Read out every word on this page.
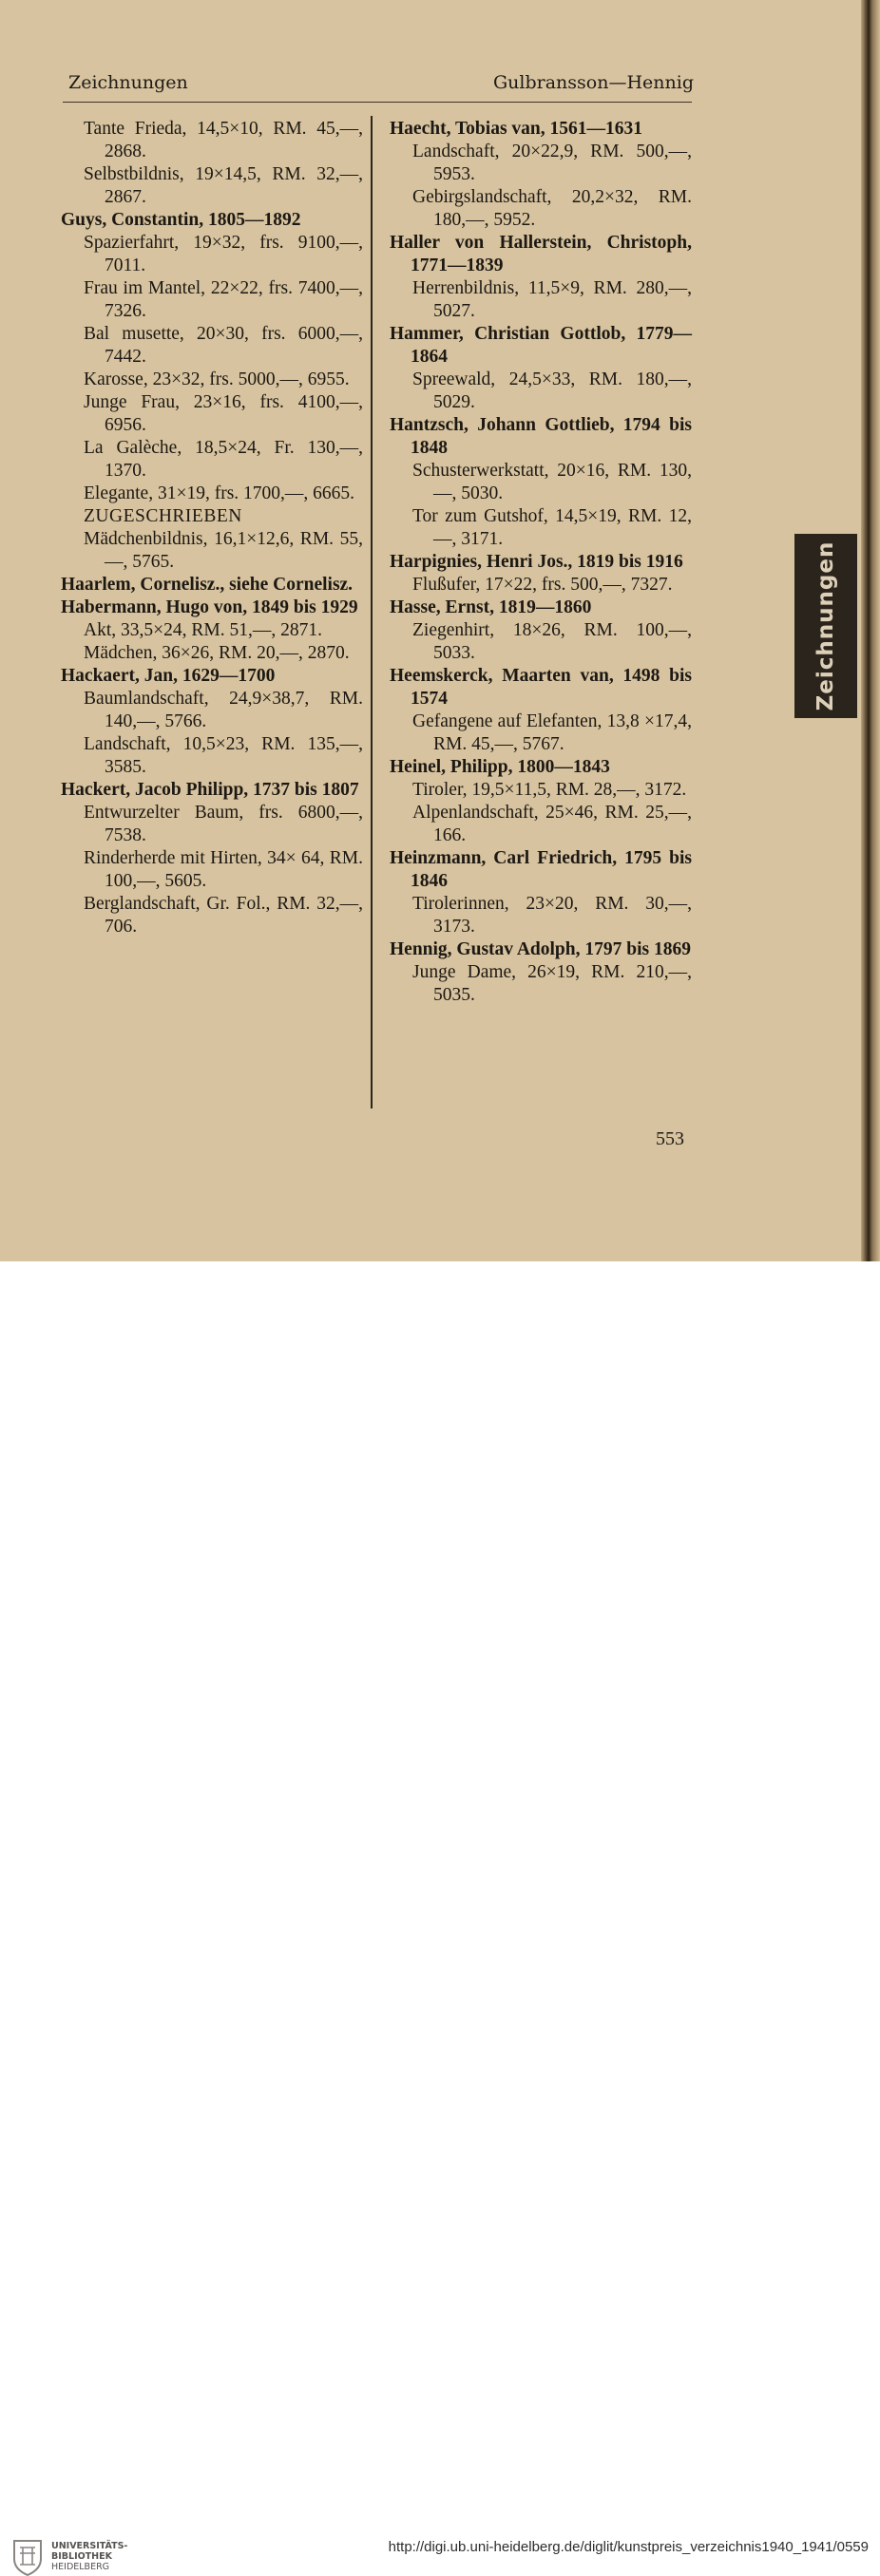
Zeichnungen	Gulbransson—Hennig

Tante Frieda, 14,5×10, RM. 45,—, 2868.

Selbstbildnis, 19×14,5, RM. 32,—, 2867.

Guys, Constantin, 1805—1892

Spazierfahrt, 19×32, frs. 9100,—, 7011.

Frau im Mantel, 22×22, frs. 7400,—, 7326.

Bal musette, 20×30, frs. 6000,—, 7442.

Karosse, 23×32, frs. 5000,—, 6955.

Junge Frau, 23×16, frs. 4100,—, 6956.

La Galèche, 18,5×24, Fr. 130,—, 1370.

Elegante, 31×19, frs. 1700,—, 6665.

ZUGESCHRIEBEN

Mädchenbildnis, 16,1×12,6, RM. 55,—, 5765.

Haarlem, Cornelisz., siehe Cornelisz.

Habermann, Hugo von, 1849 bis 1929

Akt, 33,5×24, RM. 51,—, 2871.

Mädchen, 36×26, RM. 20,—, 2870.

Hackaert, Jan, 1629—1700

Baumlandschaft, 24,9×38,7, RM. 140,—, 5766.

Landschaft, 10,5×23, RM. 135,—, 3585.

Hackert, Jacob Philipp, 1737 bis 1807

Entwurzelter Baum, frs. 6800,—, 7538.

Rinderherde mit Hirten, 34× 64, RM. 100,—, 5605.

Berglandschaft, Gr. Fol., RM. 32,—, 706.

Haecht, Tobias van, 1561—1631

Landschaft, 20×22,9, RM. 500,—, 5953.

Gebirgslandschaft, 20,2×32, RM. 180,—, 5952.

Haller von Hallerstein, Christoph, 1771—1839

Herrenbildnis, 11,5×9, RM. 280,—, 5027.

Hammer, Christian Gottlob, 1779—1864

Spreewald, 24,5×33, RM. 180,—, 5029.

Hantzsch, Johann Gottlieb, 1794 bis 1848

Schusterwerkstatt, 20×16, RM. 130,—, 5030.

Tor zum Gutshof, 14,5×19, RM. 12,—, 3171.

Harpignies, Henri Jos., 1819 bis 1916

Flußufer, 17×22, frs. 500,—, 7327.

Hasse, Ernst, 1819—1860

Ziegenhirt, 18×26, RM. 100,—, 5033.

Heemskerck, Maarten van, 1498 bis 1574

Gefangene auf Elefanten, 13,8 ×17,4, RM. 45,—, 5767.

Heinel, Philipp, 1800—1843

Tiroler, 19,5×11,5, RM. 28,—, 3172.

Alpenlandschaft, 25×46, RM. 25,—, 166.

Heinzmann, Carl Friedrich, 1795 bis 1846

Tirolerinnen, 23×20, RM. 30,—, 3173.

Hennig, Gustav Adolph, 1797 bis 1869

Junge Dame, 26×19, RM. 210,—, 5035.

553
Zeichnungen
UNIVERSITÄTS-
BIBLIOTHEK
HEIDELBERG
http://digi.ub.uni-heidelberg.de/diglit/kunstpreis_verzeichnis1940_1941/0559
